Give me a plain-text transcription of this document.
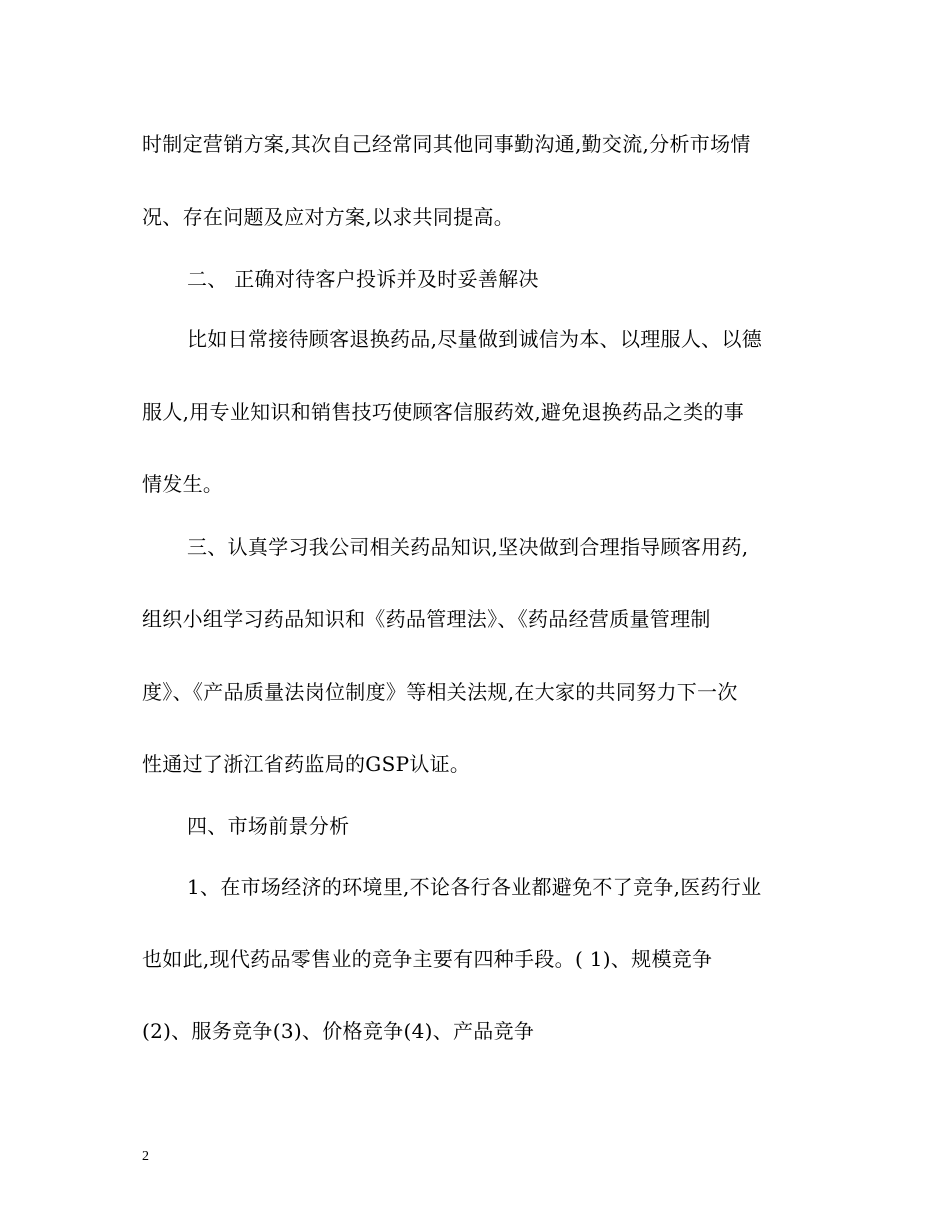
时制定营销方案,其次自己经常同其他同事勤沟通,勤交流,分析市场情
况、存在问题及应对方案,以求共同提高。
二、 正确对待客户投诉并及时妥善解决
比如日常接待顾客退换药品,尽量做到诚信为本、以理服人、以德
服人,用专业知识和销售技巧使顾客信服药效,避免退换药品之类的事
情发生。
三、认真学习我公司相关药品知识,坚决做到合理指导顾客用药,
组织小组学习药品知识和《药品管理法》、《药品经营质量管理制
度》、《产品质量法岗位制度》等相关法规,在大家的共同努力下一次
性通过了浙江省药监局的GSP认证。
四、市场前景分析
1、在市场经济的环境里,不论各行各业都避免不了竞争,医药行业
也如此,现代药品零售业的竞争主要有四种手段。( 1)、规模竞争
(2)、服务竞争(3)、价格竞争(4)、产品竞争
2
